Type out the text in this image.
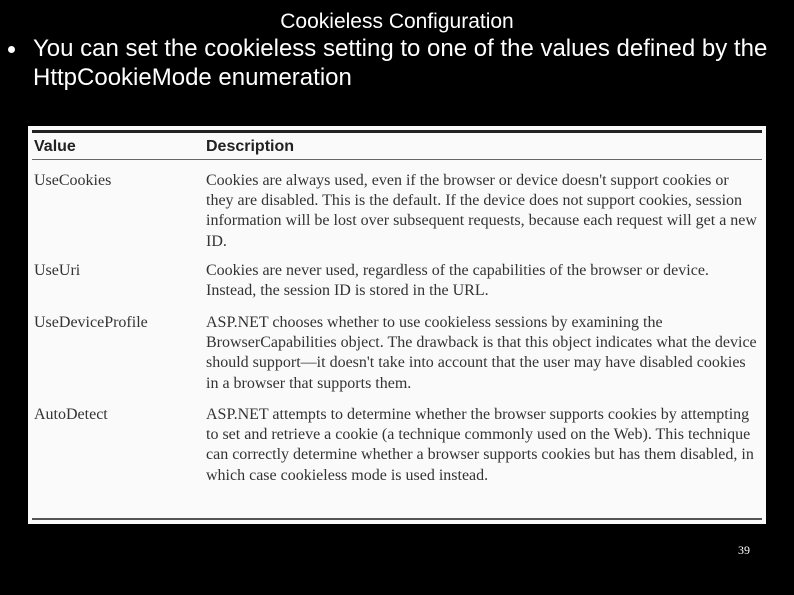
Cookieless Configuration
You can set the cookieless setting to one of the values defined by the HttpCookieMode enumeration
Value	Description
UseCookies	Cookies are always used, even if the browser or device doesn't support cookies or they are disabled. This is the default. If the device does not support cookies, session information will be lost over subsequent requests, because each request will get a new ID.
UseUri	Cookies are never used, regardless of the capabilities of the browser or device. Instead, the session ID is stored in the URL.
UseDeviceProfile	ASP.NET chooses whether to use cookieless sessions by examining the BrowserCapabilities object. The drawback is that this object indicates what the device should support—it doesn't take into account that the user may have disabled cookies in a browser that supports them.
AutoDetect	ASP.NET attempts to determine whether the browser supports cookies by attempting to set and retrieve a cookie (a technique commonly used on the Web). This technique can correctly determine whether a browser supports cookies but has them disabled, in which case cookieless mode is used instead.
39
